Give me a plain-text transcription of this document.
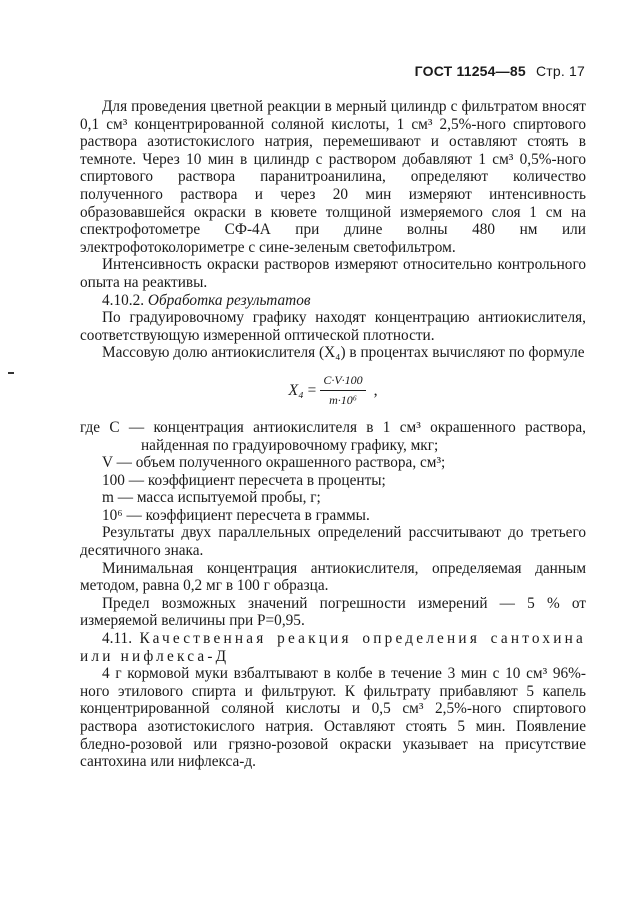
ГОСТ 11254—85 Стр. 17

Для проведения цветной реакции в мерный цилиндр с фильтратом вносят 0,1 см³ концентрированной соляной кислоты, 1 см³ 2,5%-ного спиртового раствора азотистокислого натрия, перемешивают и оставляют стоять в темноте. Через 10 мин в цилиндр с раствором добавляют 1 см³ 0,5%-ного спиртового раствора паранитроанилина, определяют количество полученного раствора и через 20 мин измеряют интенсивность образовавшейся окраски в кювете толщиной измеряемого слоя 1 см на спектрофотометре СФ-4А при длине волны 480 нм или электрофотоколориметре с сине-зеленым светофильтром.

Интенсивность окраски растворов измеряют относительно контрольного опыта на реактивы.

4.10.2. Обработка результатов

По градуировочному графику находят концентрацию антиокислителя, соответствующую измеренной оптической плотности.

Массовую долю антиокислителя (X₄) в процентах вычисляют по формуле

$X_4 = \frac{C\cdot V\cdot 100}{\text{m·10⁶}}$ ,

где C — концентрация антиокислителя в 1 см³ окрашенного раствора, найденная по градуировочному графику, мкг;

V — объем полученного окрашенного раствора, см³;

100 — коэффициент пересчета в проценты;

m — масса испытуемой пробы, г;

10⁶ — коэффициент пересчета в граммы.

Результаты двух параллельных определений рассчитывают до третьего десятичного знака.

Минимальная концентрация антиокислителя, определяемая данным методом, равна 0,2 мг в 100 г образца.

Предел возможных значений погрешности измерений — 5 % от измеряемой величины при P=0,95.

4.11. Качественная реакция определения сантохина или нифлекса-Д

4 г кормовой муки взбалтывают в колбе в течение 3 мин с 10 см³ 96%-ного этилового спирта и фильтруют. К фильтрату прибавляют 5 капель концентрированной соляной кислоты и 0,5 см³ 2,5%-ного спиртового раствора азотистокислого натрия. Оставляют стоять 5 мин. Появление бледно-розовой или грязно-розовой окраски указывает на присутствие сантохина или нифлекса-д.
